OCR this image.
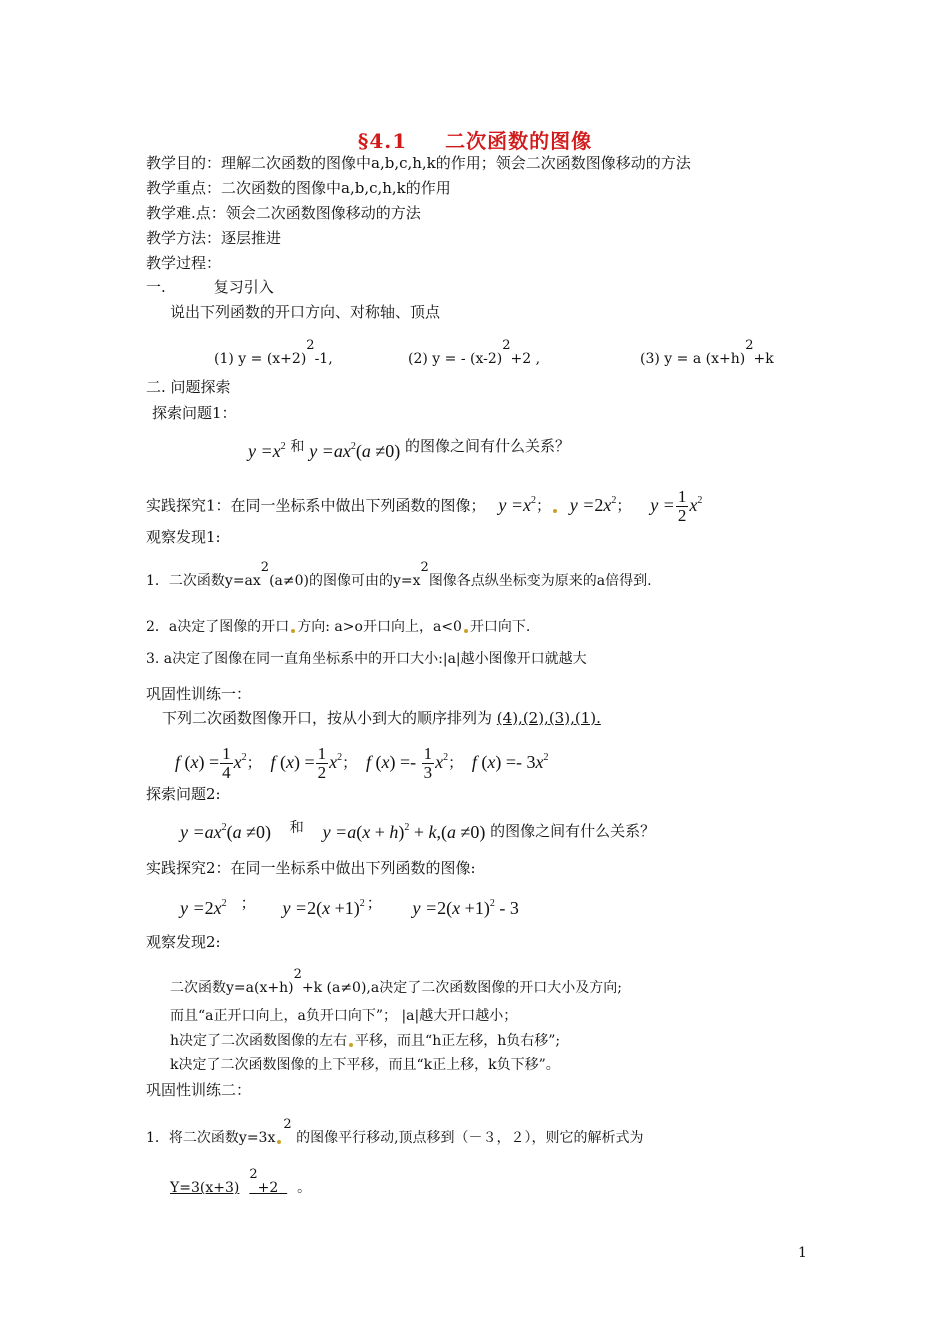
§4.1 二次函数的图像
教学目的：理解二次函数的图像中a,b,c,h,k的作用；领会二次函数图像移动的方法
教学重点：二次函数的图像中a,b,c,h,k的作用
教学难.点：领会二次函数图像移动的方法
教学方法：逐层推进
教学过程：
一.	复习引入
说出下列函数的开口方向、对称轴、顶点
(1) $y = (x+2)^2-1$,	(2) y = - $(x-2)^2+2$ ,	(3) y = a $(x+h)^2+k$
二. 问题探索
探索问题1：
$y =x^2$ 和 $y =ax^2(a \ne 0)$ 的图像之间有什么关系？
实践探究1：在同一坐标系中做出下列函数的图像； $y =x^2$； $y =2x^2$； $y = \frac{1}{2} x^2$
观察发现1:
1．二次函数$y=ax^2(a\ne 0)$的图像可由的$y=x^2$图像各点纵坐标变为原来的a倍得到.
2．a决定了图像的开口 方向: a>o开口向上，a<0 开口向下.
3. a决定了图像在同一直角坐标系中的开口大小:|a|越小图像开口就越大
巩固性训练一：
下列二次函数图像开口，按从小到大的顺序排列为 (4),(2),(3),(1).
f $(x) = \frac{1}{4} x^2$； f $(x) = \frac{1}{2} x^2$； f $(x) =- \frac{1}{3} x^2$； f $(x) =- 3x^2$
探索问题2:
$y =ax^2(a \ne 0)$ 和 $y =a(x + h)^2 + k,(a \ne 0)$ 的图像之间有什么关系？
实践探究2：在同一坐标系中做出下列函数的图像:
$y =2x^2$ ； $y =2(x +1)^2$ ； $y =2(x +1)^2 - 3$
观察发现2:
二次函数$y=a(x+h)^2+k$ (a≠0),a决定了二次函数图像的开口大小及方向;
而且“a正开口向上，a负开口向下”； |a|越大开口越小；
h决定了二次函数图像的左右 平移，而且“h正左移，h负右移”;
k决定了二次函数图像的上下平移，而且“k正上移，k负下移”。
巩固性训练二：
1．将二次函数$y=3x^2$ 的图像平行移动,顶点移到（－３，２），则它的解析式为
$Y=3(x+3)^2+2$ 。
1
